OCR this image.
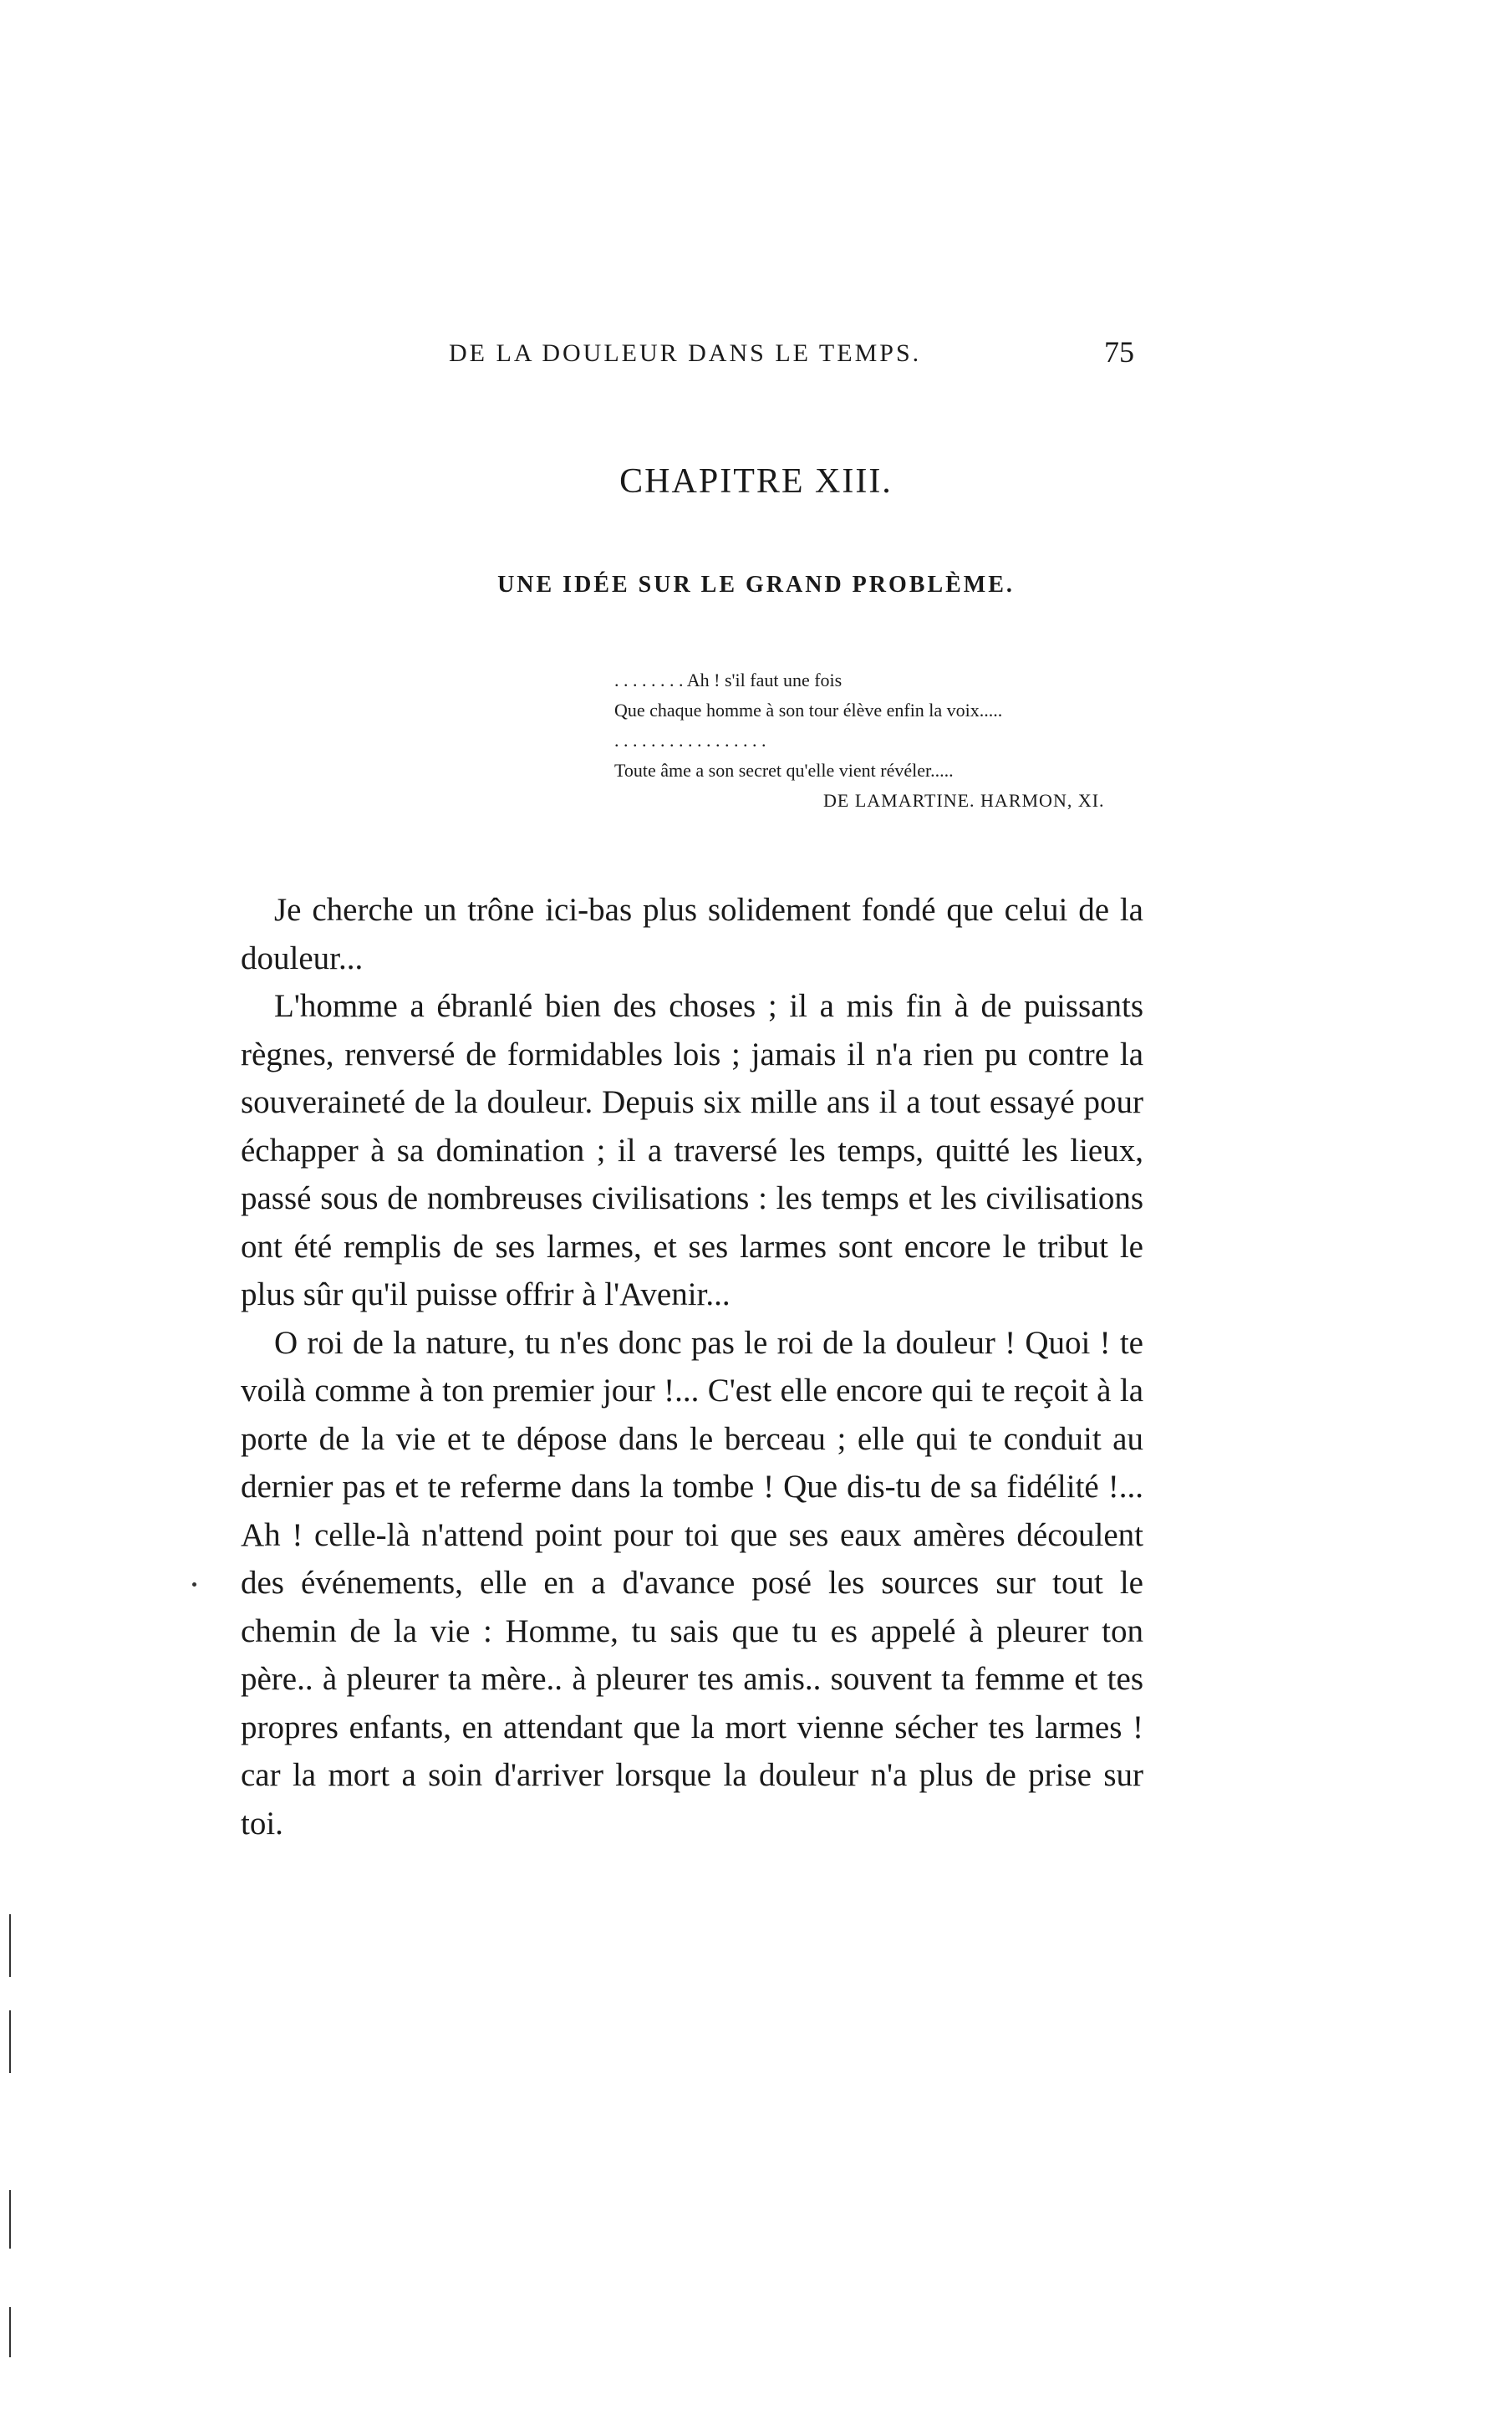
DE LA DOULEUR DANS LE TEMPS.	75
CHAPITRE XIII.
UNE IDÉE SUR LE GRAND PROBLÈME.
. . . . . . . . Ah ! s'il faut une fois
Que chaque homme à son tour élève enfin la voix.....
. . . . . . . . . . . . . . . . .
Toute âme a son secret qu'elle vient révéler.....
DE LAMARTINE. HARMON, XI.

Je cherche un trône ici-bas plus solidement fondé que celui de la douleur...

L'homme a ébranlé bien des choses ; il a mis fin à de puissants règnes, renversé de formidables lois ; jamais il n'a rien pu contre la souveraineté de la douleur. Depuis six mille ans il a tout essayé pour échapper à sa domination ; il a traversé les temps, quitté les lieux, passé sous de nombreuses civilisations : les temps et les civilisations ont été remplis de ses larmes, et ses larmes sont encore le tribut le plus sûr qu'il puisse offrir à l'Avenir...

O roi de la nature, tu n'es donc pas le roi de la douleur ! Quoi ! te voilà comme à ton premier jour !... C'est elle encore qui te reçoit à la porte de la vie et te dépose dans le berceau ; elle qui te conduit au dernier pas et te referme dans la tombe ! Que dis-tu de sa fidélité !... Ah ! celle-là n'attend point pour toi que ses eaux amères découlent des événements, elle en a d'avance posé les sources sur tout le chemin de la vie : Homme, tu sais que tu es appelé à pleurer ton père.. à pleurer ta mère.. à pleurer tes amis.. souvent ta femme et tes propres enfants, en attendant que la mort vienne sécher tes larmes ! car la mort a soin d'arriver lorsque la douleur n'a plus de prise sur toi.
